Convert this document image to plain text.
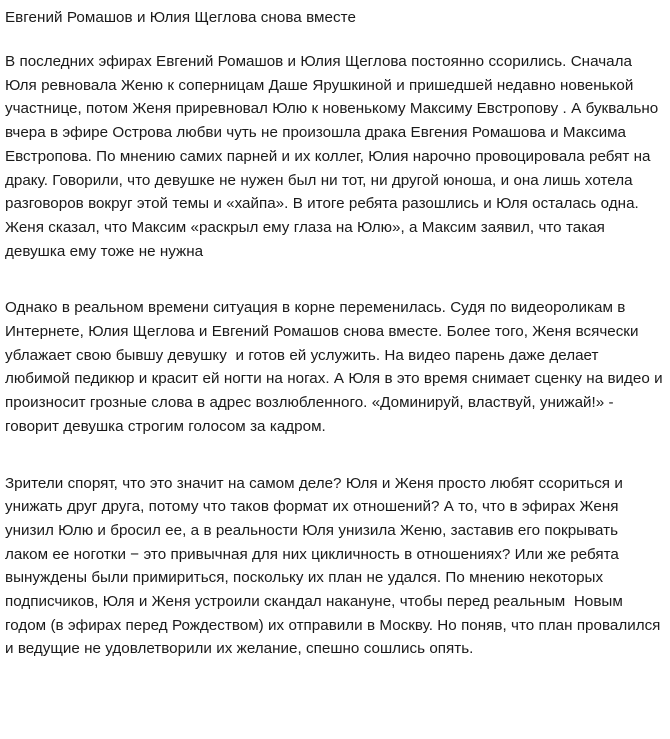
Евгений Ромашов и Юлия Щеглова снова вместе

В последних эфирах Евгений Ромашов и Юлия Щеглова постоянно ссорились. Сначала Юля ревновала Женю к соперницам Даше Ярушкиной и пришедшей недавно новенькой участнице, потом Женя приревновал Юлю к новенькому Максиму Евстропову . А буквально вчера в эфире Острова любви чуть не произошла драка Евгения Ромашова и Максима Евстропова. По мнению самих парней и их коллег, Юлия нарочно провоцировала ребят на драку. Говорили, что девушке не нужен был ни тот, ни другой юноша, и она лишь хотела разговоров вокруг этой темы и «хайпа». В итоге ребята разошлись и Юля осталась одна. Женя сказал, что Максим «раскрыл ему глаза на Юлю», а Максим заявил, что такая девушка ему тоже не нужна

Однако в реальном времени ситуация в корне переменилась. Судя по видеороликам в Интернете, Юлия Щеглова и Евгений Ромашов снова вместе. Более того, Женя всячески ублажает свою бывшу девушку  и готов ей услужить. На видео парень даже делает любимой педикюр и красит ей ногти на ногах. А Юля в это время снимает сценку на видео и произносит грозные слова в адрес возлюбленного. «Доминируй, властвуй, унижай!» - говорит девушка строгим голосом за кадром.

Зрители спорят, что это значит на самом деле? Юля и Женя просто любят ссориться и унижать друг друга, потому что таков формат их отношений? А то, что в эфирах Женя унизил Юлю и бросил ее, а в реальности Юля унизила Женю, заставив его покрывать лаком ее ноготки − это привычная для них цикличность в отношениях? Или же ребята вынуждены были примириться, поскольку их план не удался. По мнению некоторых подписчиков, Юля и Женя устроили скандал накануне, чтобы перед реальным  Новым годом (в эфирах перед Рождеством) их отправили в Москву. Но поняв, что план провалился и ведущие не удовлетворили их желание, спешно сошлись опять.
